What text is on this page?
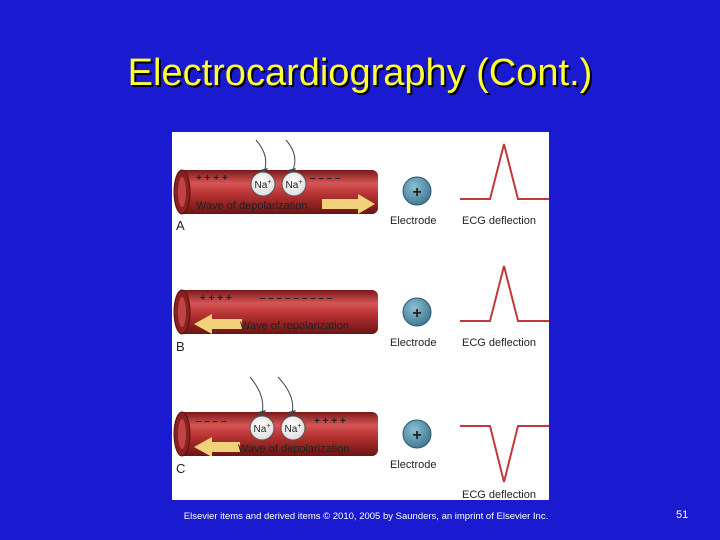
Electrocardiography (Cont.)
+ + + +	– – – –
Na+ Na+
Wave of depolarization
A
+
Electrode ECG deflection
+ + + +	– – – – – – – – –
Wave of repolarization
B
+
Electrode ECG deflection
– – – –	+ + + +
Na+ Na+
Wave of depolarization
C
+
Electrode
ECG deflection
Elsevier items and derived items © 2010, 2005 by Saunders, an imprint of Elsevier Inc.	51
